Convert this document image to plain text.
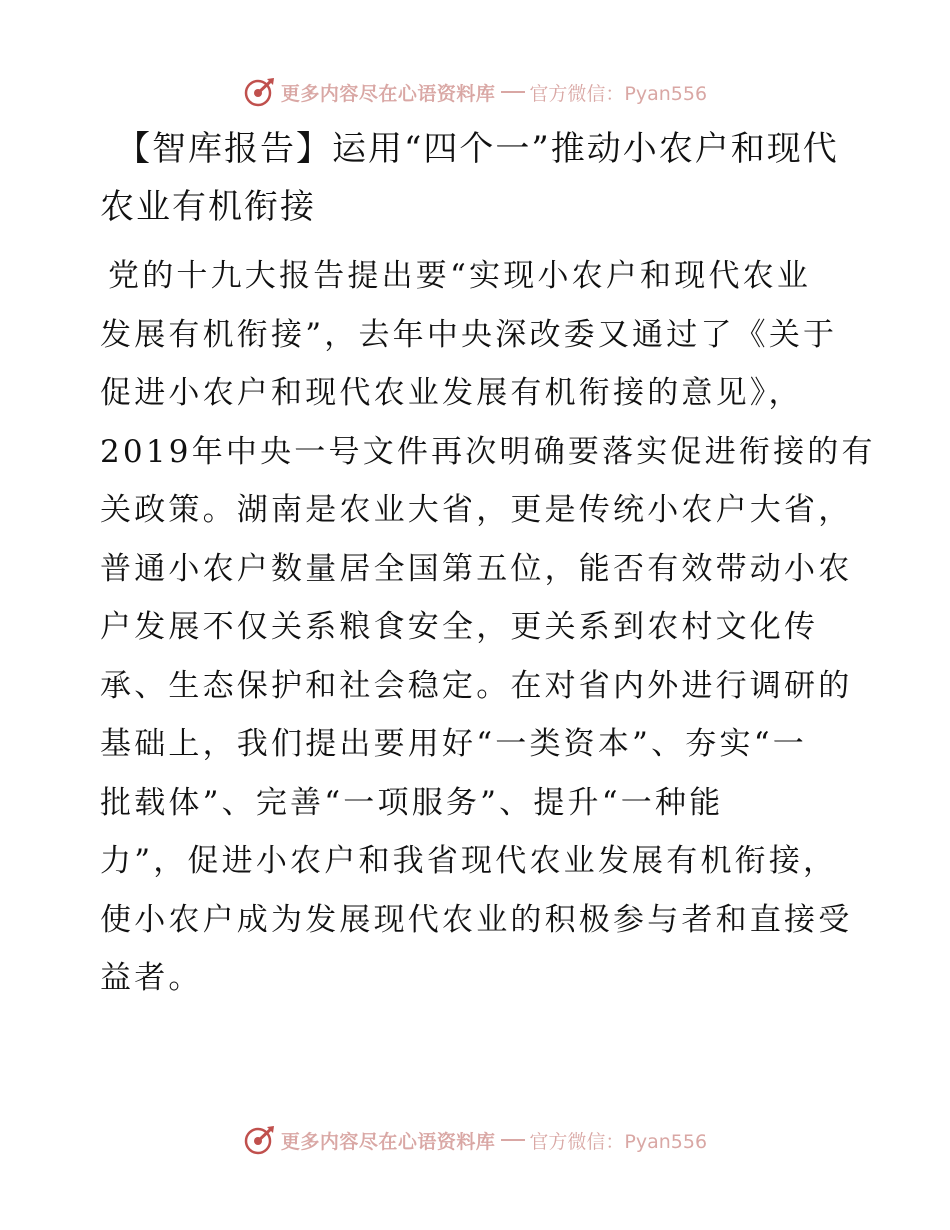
更多内容尽在心语资料库 官方微信：Pyan556
【智库报告】运用“四个一”推动小农户和现代
农业有机衔接
党的十九大报告提出要“实现小农户和现代农业
发展有机衔接”，去年中央深改委又通过了《关于
促进小农户和现代农业发展有机衔接的意见》，
2019年中央一号文件再次明确要落实促进衔接的有
关政策。湖南是农业大省，更是传统小农户大省，
普通小农户数量居全国第五位，能否有效带动小农
户发展不仅关系粮食安全，更关系到农村文化传
承、生态保护和社会稳定。在对省内外进行调研的
基础上，我们提出要用好“一类资本”、夯实“一
批载体”、完善“一项服务”、提升“一种能
力”，促进小农户和我省现代农业发展有机衔接，
使小农户成为发展现代农业的积极参与者和直接受
益者。
更多内容尽在心语资料库 官方微信：Pyan556
